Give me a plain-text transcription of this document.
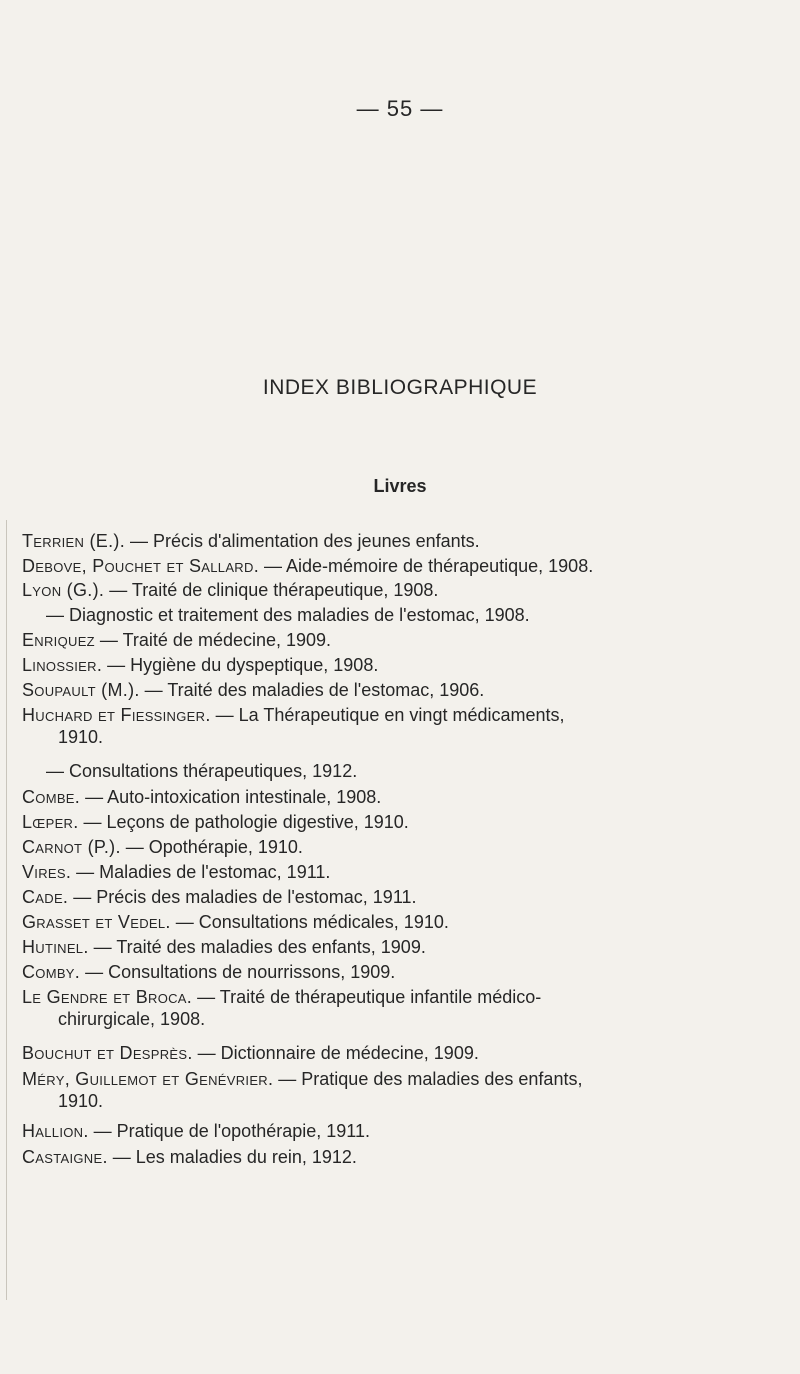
— 55 —
INDEX BIBLIOGRAPHIQUE
Livres
Terrien (E.). — Précis d'alimentation des jeunes enfants.
Debove, Pouchet et Sallard. — Aide-mémoire de thérapeutique, 1908.
Lyon (G.). — Traité de clinique thérapeutique, 1908.
— Diagnostic et traitement des maladies de l'estomac, 1908.
Enriquez — Traité de médecine, 1909.
Linossier. — Hygiène du dyspeptique, 1908.
Soupault (M.). — Traité des maladies de l'estomac, 1906.
Huchard et Fiessinger. — La Thérapeutique en vingt médicaments,
1910.
— Consultations thérapeutiques, 1912.
Combe. — Auto-intoxication intestinale, 1908.
Lœper. — Leçons de pathologie digestive, 1910.
Carnot (P.). — Opothérapie, 1910.
Vires. — Maladies de l'estomac, 1911.
Cade. — Précis des maladies de l'estomac, 1911.
Grasset et Vedel. — Consultations médicales, 1910.
Hutinel. — Traité des maladies des enfants, 1909.
Comby. — Consultations de nourrissons, 1909.
Le Gendre et Broca. — Traité de thérapeutique infantile médico-
chirurgicale, 1908.
Bouchut et Desprès. — Dictionnaire de médecine, 1909.
Méry, Guillemot et Genévrier. — Pratique des maladies des enfants,
1910.
Hallion. — Pratique de l'opothérapie, 1911.
Castaigne. — Les maladies du rein, 1912.
